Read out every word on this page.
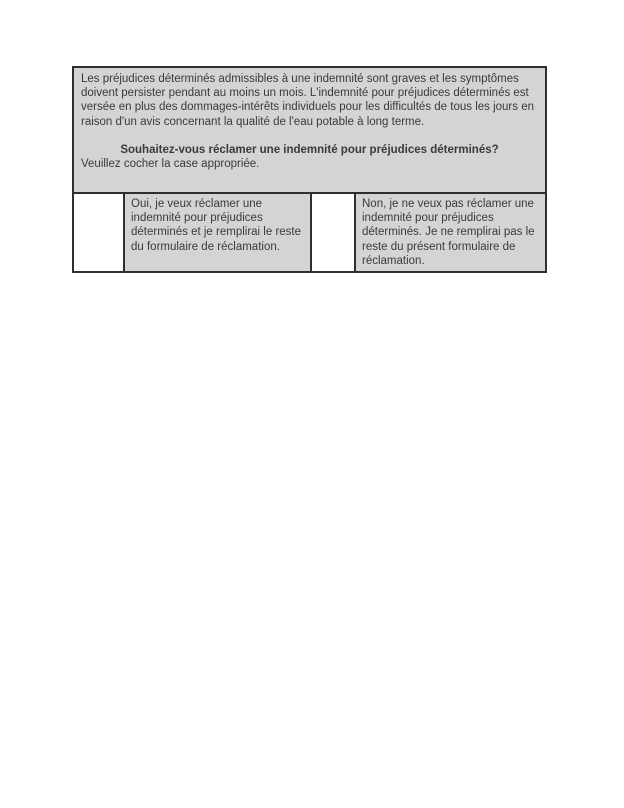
Les préjudices déterminés admissibles à une indemnité sont graves et les symptômes doivent persister pendant au moins un mois. L'indemnité pour préjudices déterminés est versée en plus des dommages-intérêts individuels pour les difficultés de tous les jours en raison d'un avis concernant la qualité de l'eau potable à long terme.

Souhaitez-vous réclamer une indemnité pour préjudices déterminés?

Veuillez cocher la case appropriée.

Oui, je veux réclamer une indemnité pour préjudices déterminés et je remplirai le reste du formulaire de réclamation.
Non, je ne veux pas réclamer une indemnité pour préjudices déterminés. Je ne remplirai pas le reste du présent formulaire de réclamation.
